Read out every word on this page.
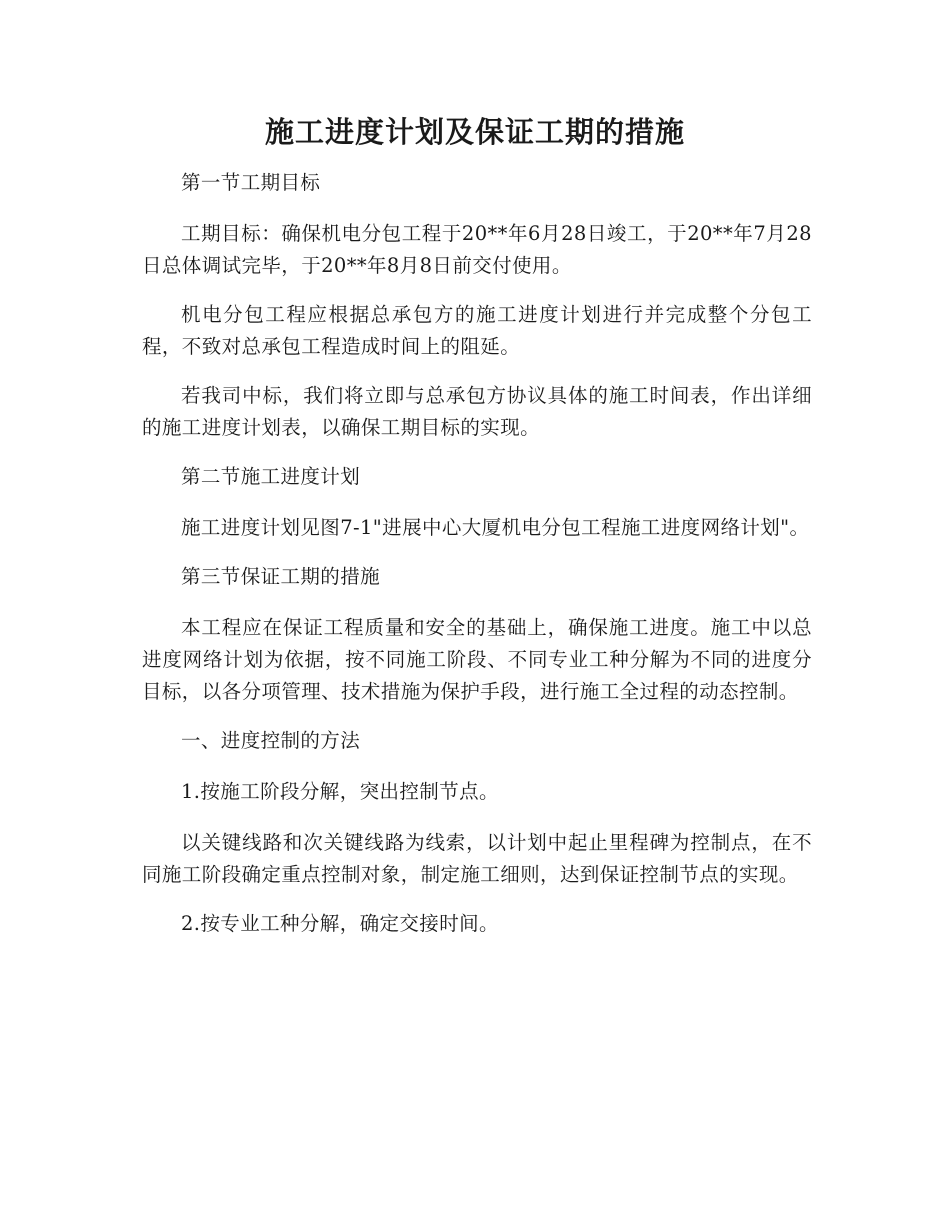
施工进度计划及保证工期的措施

第一节工期目标

工期目标：确保机电分包工程于20**年6月28日竣工，于20**年7月28日总体调试完毕，于20**年8月8日前交付使用。

机电分包工程应根据总承包方的施工进度计划进行并完成整个分包工程，不致对总承包工程造成时间上的阻延。

若我司中标，我们将立即与总承包方协议具体的施工时间表，作出详细的施工进度计划表，以确保工期目标的实现。

第二节施工进度计划

施工进度计划见图7-1"进展中心大厦机电分包工程施工进度网络计划"。

第三节保证工期的措施

本工程应在保证工程质量和安全的基础上，确保施工进度。施工中以总进度网络计划为依据，按不同施工阶段、不同专业工种分解为不同的进度分目标，以各分项管理、技术措施为保护手段，进行施工全过程的动态控制。

一、进度控制的方法

1.按施工阶段分解，突出控制节点。

以关键线路和次关键线路为线索，以计划中起止里程碑为控制点，在不同施工阶段确定重点控制对象，制定施工细则，达到保证控制节点的实现。

2.按专业工种分解，确定交接时间。
